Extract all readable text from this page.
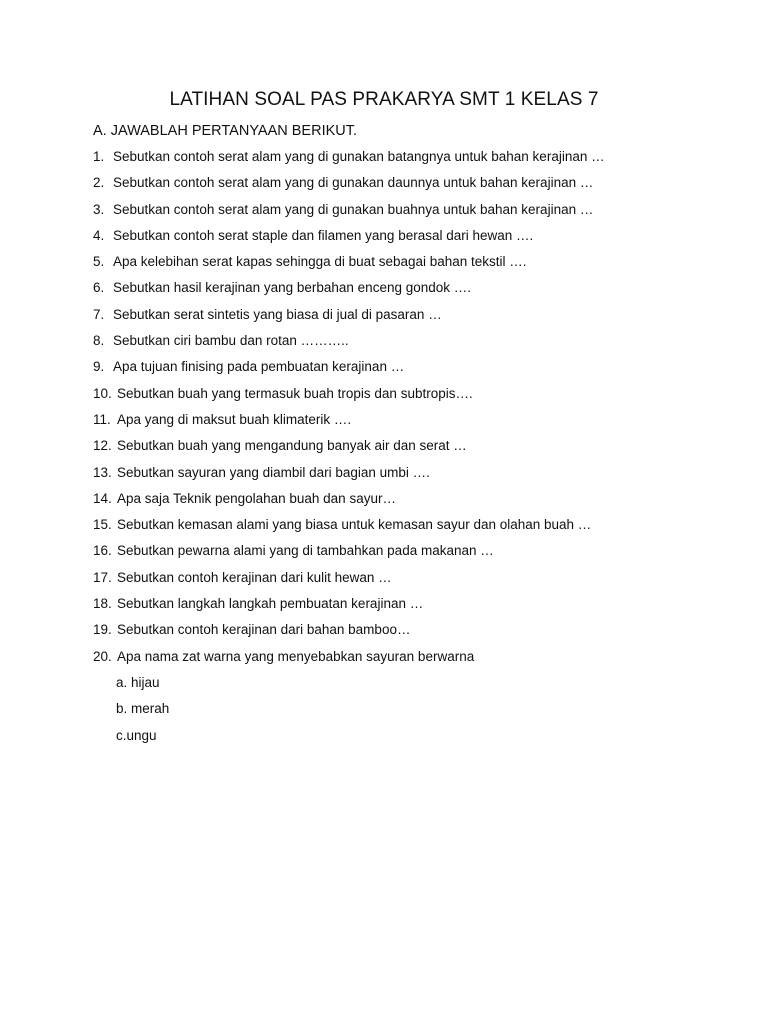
LATIHAN SOAL PAS PRAKARYA SMT 1 KELAS 7
A. JAWABLAH PERTANYAAN BERIKUT.
1. Sebutkan contoh serat alam yang di gunakan batangnya untuk bahan kerajinan …
2. Sebutkan contoh serat alam yang di gunakan daunnya untuk bahan kerajinan …
3. Sebutkan contoh serat alam yang di gunakan buahnya untuk bahan kerajinan …
4. Sebutkan contoh serat staple dan filamen yang berasal dari hewan ….
5. Apa kelebihan serat kapas sehingga di buat sebagai bahan tekstil ….
6. Sebutkan hasil kerajinan yang berbahan enceng gondok ….
7. Sebutkan serat sintetis yang biasa di jual di pasaran …
8. Sebutkan ciri bambu dan rotan ………..
9. Apa tujuan finising pada pembuatan kerajinan …
10. Sebutkan buah yang termasuk buah tropis dan subtropis….
11. Apa yang di maksut buah klimaterik ….
12. Sebutkan buah yang mengandung banyak air dan serat …
13. Sebutkan sayuran yang diambil dari bagian umbi ….
14. Apa saja Teknik pengolahan buah dan sayur…
15. Sebutkan kemasan alami yang biasa untuk kemasan sayur dan olahan buah …
16. Sebutkan pewarna alami yang di tambahkan pada makanan …
17. Sebutkan contoh kerajinan dari kulit hewan …
18. Sebutkan langkah langkah pembuatan kerajinan …
19. Sebutkan contoh kerajinan dari bahan bamboo…
20. Apa nama zat warna yang menyebabkan sayuran berwarna
a. hijau
b. merah
c.ungu
